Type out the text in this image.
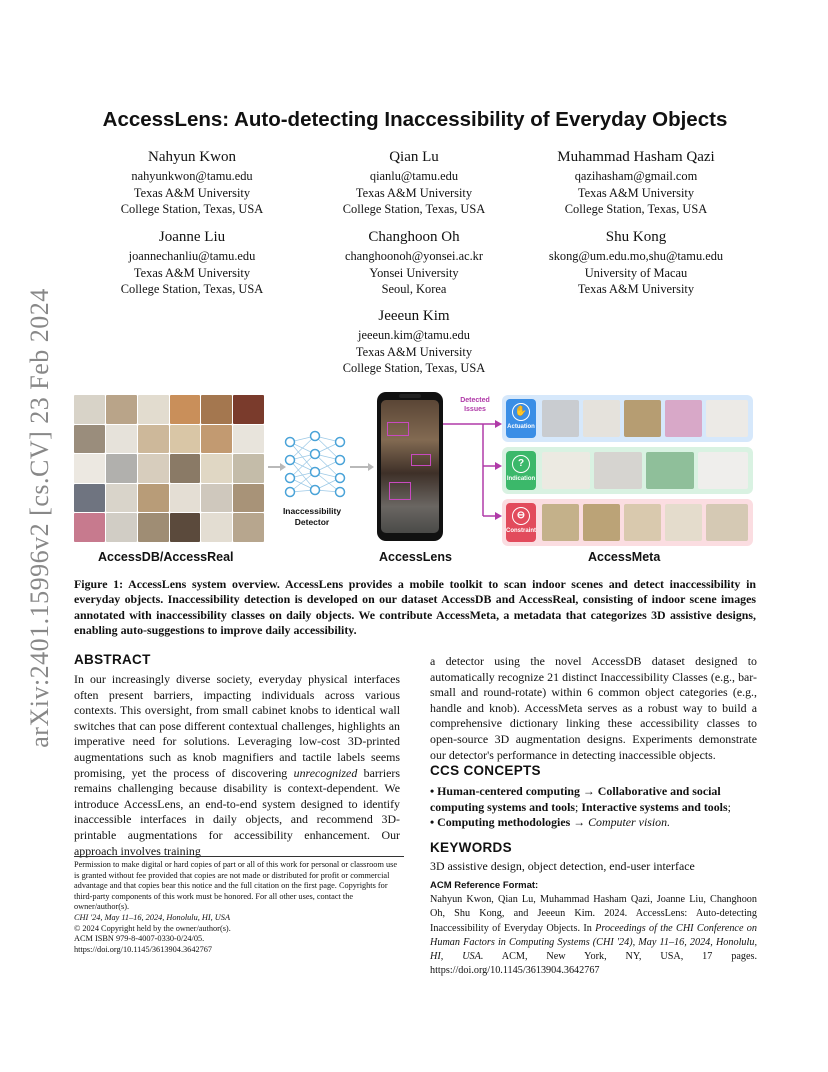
arXiv:2401.15996v2 [cs.CV] 23 Feb 2024
AccessLens: Auto-detecting Inaccessibility of Everyday Objects
Nahyun Kwon
nahyunkwon@tamu.edu
Texas A&M University
College Station, Texas, USA
Qian Lu
qianlu@tamu.edu
Texas A&M University
College Station, Texas, USA
Muhammad Hasham Qazi
qazihasham@gmail.com
Texas A&M University
College Station, Texas, USA
Joanne Liu
joannechanliu@tamu.edu
Texas A&M University
College Station, Texas, USA
Changhoon Oh
changhoonoh@yonsei.ac.kr
Yonsei University
Seoul, Korea
Shu Kong
skong@um.edu.mo,shu@tamu.edu
University of Macau
Texas A&M University
Jeeeun Kim
jeeeun.kim@tamu.edu
Texas A&M University
College Station, Texas, USA
AccessDB/AccessReal
Inaccessibility Detector
AccessLens
Detected Issues	✋
Actuation
?
Indication
⊖
Constraint
AccessMeta
Figure 1: AccessLens system overview. AccessLens provides a mobile toolkit to scan indoor scenes and detect inaccessibility in everyday objects. Inaccessibility detection is developed on our dataset AccessDB and AccessReal, consisting of indoor scene images annotated with inaccessibility classes on daily objects. We contribute AccessMeta, a metadata that categorizes 3D assistive designs, enabling auto-suggestions to improve daily accessibility.
ABSTRACT
In our increasingly diverse society, everyday physical interfaces often present barriers, impacting individuals across various contexts. This oversight, from small cabinet knobs to identical wall switches that can pose different contextual challenges, highlights an imperative need for solutions. Leveraging low-cost 3D-printed augmentations such as knob magnifiers and tactile labels seems promising, yet the process of discovering unrecognized barriers remains challenging because disability is context-dependent. We introduce AccessLens, an end-to-end system designed to identify inaccessible interfaces in daily objects, and recommend 3D-printable augmentations for accessibility enhancement. Our approach involves training
Permission to make digital or hard copies of part or all of this work for personal or classroom use is granted without fee provided that copies are not made or distributed for profit or commercial advantage and that copies bear this notice and the full citation on the first page. Copyrights for third-party components of this work must be honored. For all other uses, contact the owner/author(s).
CHI '24, May 11–16, 2024, Honolulu, HI, USA
© 2024 Copyright held by the owner/author(s).
ACM ISBN 979-8-4007-0330-0/24/05.
https://doi.org/10.1145/3613904.3642767
a detector using the novel AccessDB dataset designed to automatically recognize 21 distinct Inaccessibility Classes (e.g., bar-small and round-rotate) within 6 common object categories (e.g., handle and knob). AccessMeta serves as a robust way to build a comprehensive dictionary linking these accessibility classes to open-source 3D augmentation designs. Experiments demonstrate our detector's performance in detecting inaccessible objects.
CCS CONCEPTS
• Human-centered computing → Collaborative and social computing systems and tools; Interactive systems and tools;
• Computing methodologies → Computer vision.
KEYWORDS
3D assistive design, object detection, end-user interface
ACM Reference Format:
Nahyun Kwon, Qian Lu, Muhammad Hasham Qazi, Joanne Liu, Changhoon Oh, Shu Kong, and Jeeeun Kim. 2024. AccessLens: Auto-detecting Inaccessibility of Everyday Objects. In Proceedings of the CHI Conference on Human Factors in Computing Systems (CHI '24), May 11–16, 2024, Honolulu, HI, USA. ACM, New York, NY, USA, 17 pages. https://doi.org/10.1145/3613904.3642767
